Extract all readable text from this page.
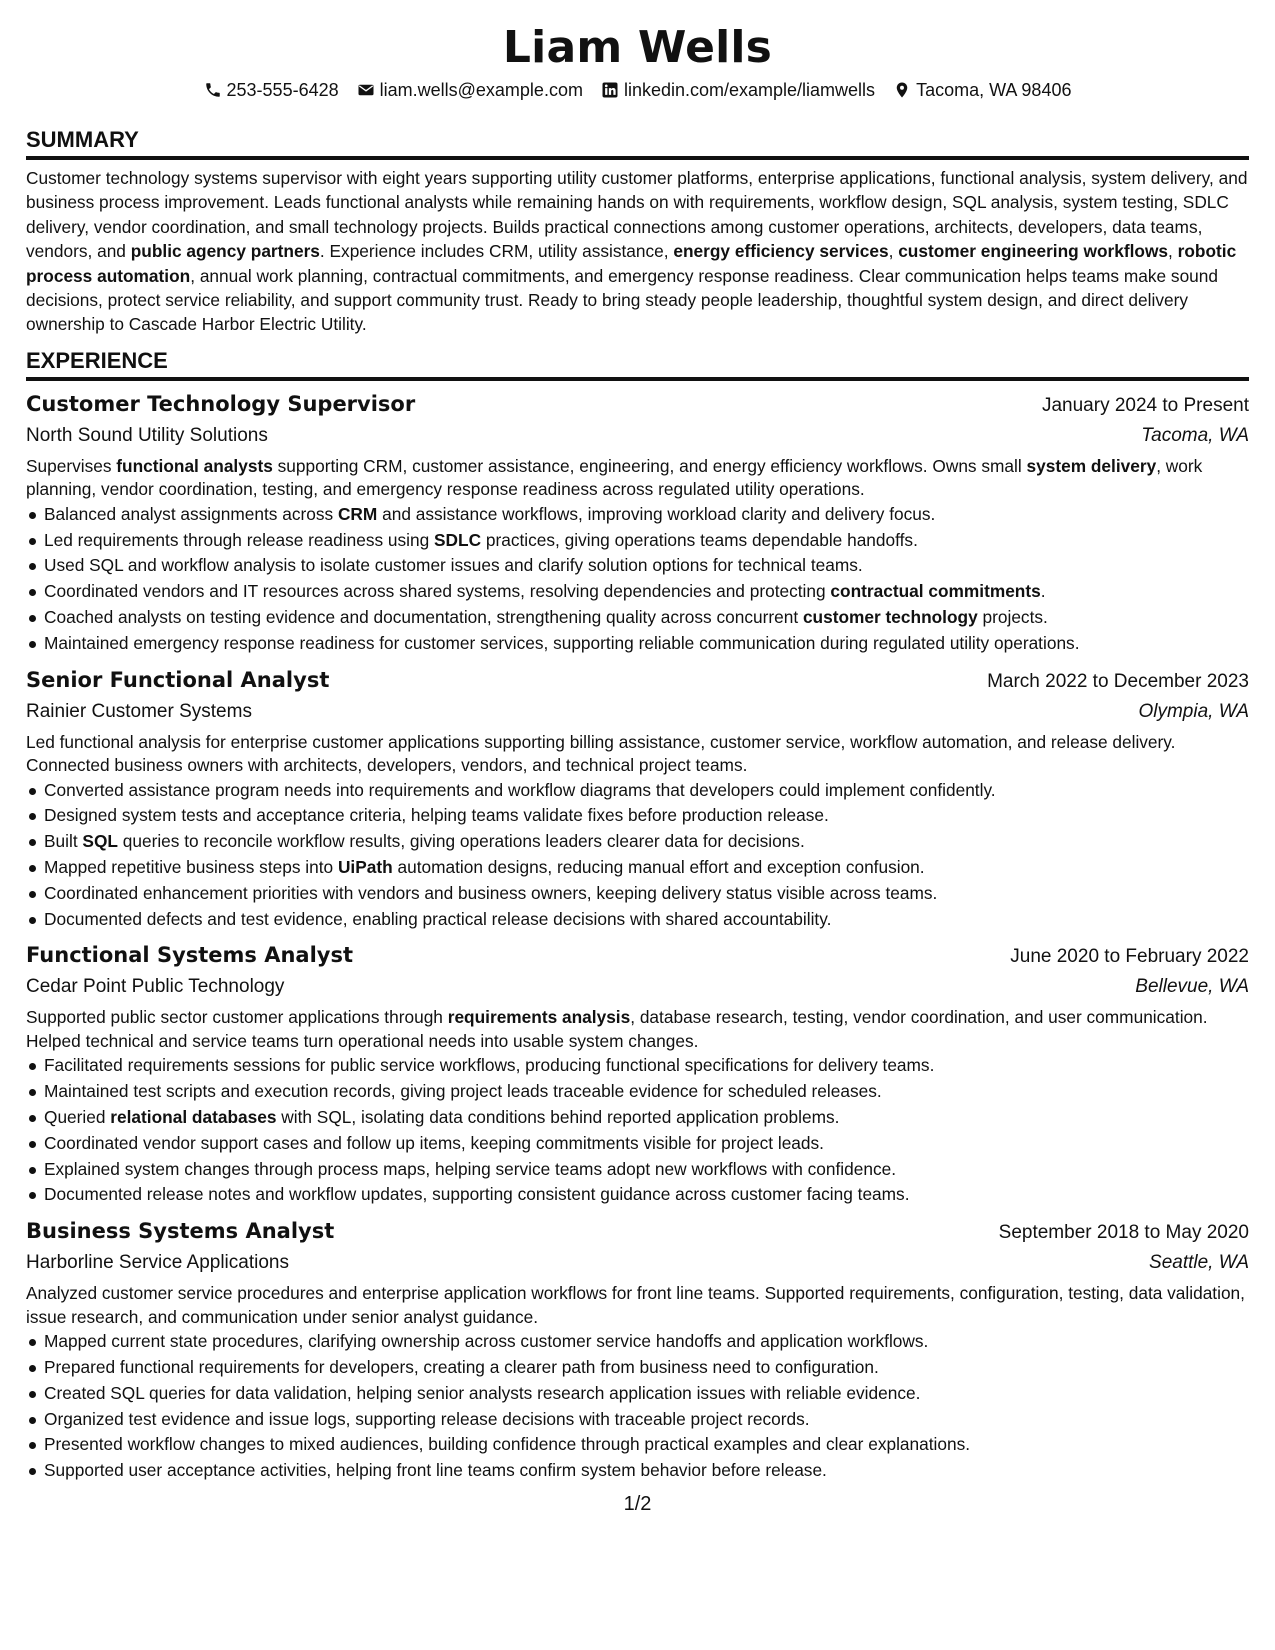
Liam Wells
253-555-6428 liam.wells@example.com linkedin.com/example/liamwells Tacoma, WA 98406
SUMMARY

Customer technology systems supervisor with eight years supporting utility customer platforms, enterprise applications, functional analysis, system delivery, and business process improvement. Leads functional analysts while remaining hands on with requirements, workflow design, SQL analysis, system testing, SDLC delivery, vendor coordination, and small technology projects. Builds practical connections among customer operations, architects, developers, data teams, vendors, and public agency partners. Experience includes CRM, utility assistance, energy efficiency services, customer engineering workflows, robotic process automation, annual work planning, contractual commitments, and emergency response readiness. Clear communication helps teams make sound decisions, protect service reliability, and support community trust. Ready to bring steady people leadership, thoughtful system design, and direct delivery ownership to Cascade Harbor Electric Utility.

EXPERIENCE
Customer Technology Supervisor	January 2024 to Present
North Sound Utility Solutions	Tacoma, WA

Supervises functional analysts supporting CRM, customer assistance, engineering, and energy efficiency workflows. Owns small system delivery, work planning, vendor coordination, testing, and emergency response readiness across regulated utility operations.

Balanced analyst assignments across CRM and assistance workflows, improving workload clarity and delivery focus.
Led requirements through release readiness using SDLC practices, giving operations teams dependable handoffs.
Used SQL and workflow analysis to isolate customer issues and clarify solution options for technical teams.
Coordinated vendors and IT resources across shared systems, resolving dependencies and protecting contractual commitments.
Coached analysts on testing evidence and documentation, strengthening quality across concurrent customer technology projects.
Maintained emergency response readiness for customer services, supporting reliable communication during regulated utility operations.
Senior Functional Analyst	March 2022 to December 2023
Rainier Customer Systems	Olympia, WA

Led functional analysis for enterprise customer applications supporting billing assistance, customer service, workflow automation, and release delivery. Connected business owners with architects, developers, vendors, and technical project teams.

Converted assistance program needs into requirements and workflow diagrams that developers could implement confidently.
Designed system tests and acceptance criteria, helping teams validate fixes before production release.
Built SQL queries to reconcile workflow results, giving operations leaders clearer data for decisions.
Mapped repetitive business steps into UiPath automation designs, reducing manual effort and exception confusion.
Coordinated enhancement priorities with vendors and business owners, keeping delivery status visible across teams.
Documented defects and test evidence, enabling practical release decisions with shared accountability.
Functional Systems Analyst	June 2020 to February 2022
Cedar Point Public Technology	Bellevue, WA

Supported public sector customer applications through requirements analysis, database research, testing, vendor coordination, and user communication. Helped technical and service teams turn operational needs into usable system changes.

Facilitated requirements sessions for public service workflows, producing functional specifications for delivery teams.
Maintained test scripts and execution records, giving project leads traceable evidence for scheduled releases.
Queried relational databases with SQL, isolating data conditions behind reported application problems.
Coordinated vendor support cases and follow up items, keeping commitments visible for project leads.
Explained system changes through process maps, helping service teams adopt new workflows with confidence.
Documented release notes and workflow updates, supporting consistent guidance across customer facing teams.
Business Systems Analyst	September 2018 to May 2020
Harborline Service Applications	Seattle, WA

Analyzed customer service procedures and enterprise application workflows for front line teams. Supported requirements, configuration, testing, data validation, issue research, and communication under senior analyst guidance.

Mapped current state procedures, clarifying ownership across customer service handoffs and application workflows.
Prepared functional requirements for developers, creating a clearer path from business need to configuration.
Created SQL queries for data validation, helping senior analysts research application issues with reliable evidence.
Organized test evidence and issue logs, supporting release decisions with traceable project records.
Presented workflow changes to mixed audiences, building confidence through practical examples and clear explanations.
Supported user acceptance activities, helping front line teams confirm system behavior before release.
1/2
